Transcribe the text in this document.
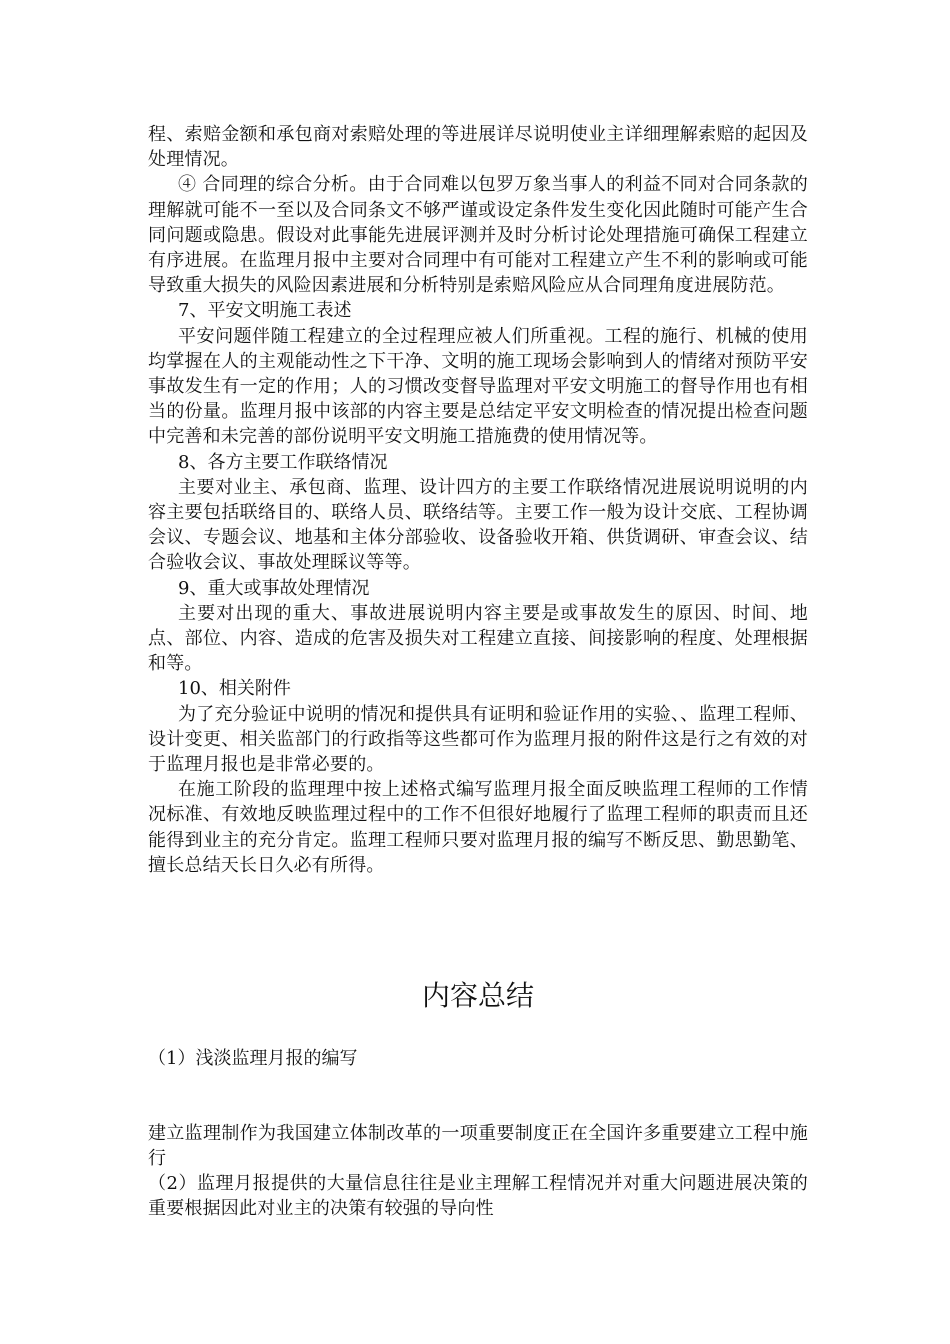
程、索赔金额和承包商对索赔处理的等进展详尽说明使业主详细理解索赔的起因及处理情况。

④ 合同理的综合分析。由于合同难以包罗万象当事人的利益不同对合同条款的理解就可能不一至以及合同条文不够严谨或设定条件发生变化因此随时可能产生合同问题或隐患。假设对此事能先进展评测并及时分析讨论处理措施可确保工程建立有序进展。在监理月报中主要对合同理中有可能对工程建立产生不利的影响或可能导致重大损失的风险因素进展和分析特别是索赔风险应从合同理角度进展防范。

7、平安文明施工表述

平安问题伴随工程建立的全过程理应被人们所重视。工程的施行、机械的使用均掌握在人的主观能动性之下干净、文明的施工现场会影响到人的情绪对预防平安事故发生有一定的作用；人的习惯改变督导监理对平安文明施工的督导作用也有相当的份量。监理月报中该部的内容主要是总结定平安文明检查的情况提出检查问题中完善和未完善的部份说明平安文明施工措施费的使用情况等。

8、各方主要工作联络情况

主要对业主、承包商、监理、设计四方的主要工作联络情况进展说明说明的内容主要包括联络目的、联络人员、联络结等。主要工作一般为设计交底、工程协调会议、专题会议、地基和主体分部验收、设备验收开箱、供货调研、审查会议、结合验收会议、事故处理睬议等等。

9、重大或事故处理情况

主要对出现的重大、事故进展说明内容主要是或事故发生的原因、时间、地点、部位、内容、造成的危害及损失对工程建立直接、间接影响的程度、处理根据和等。

10、相关附件

为了充分验证中说明的情况和提供具有证明和验证作用的实验、、监理工程师、设计变更、相关监部门的行政指等这些都可作为监理月报的附件这是行之有效的对于监理月报也是非常必要的。

在施工阶段的监理理中按上述格式编写监理月报全面反映监理工程师的工作情况标准、有效地反映监理过程中的工作不但很好地履行了监理工程师的职责而且还能得到业主的充分肯定。监理工程师只要对监理月报的编写不断反思、勤思勤笔、擅长总结天长日久必有所得。

内容总结

（1）浅淡监理月报的编写

建立监理制作为我国建立体制改革的一项重要制度正在全国许多重要建立工程中施行

（2）监理月报提供的大量信息往往是业主理解工程情况并对重大问题进展决策的重要根据因此对业主的决策有较强的导向性
